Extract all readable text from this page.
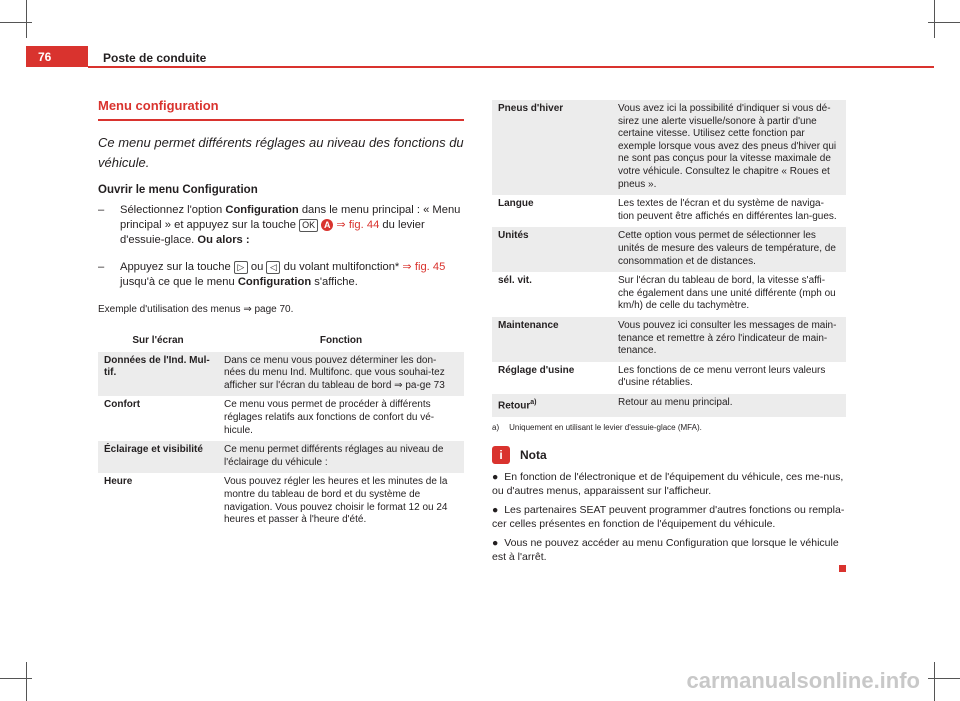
76	Poste de conduite

Menu configuration

Ce menu permet différents réglages au niveau des fonctions du véhicule.

Ouvrir le menu Configuration

– Sélectionnez l'option Configuration dans le menu principal : « Menu principal » et appuyez sur la touche OK A ⇒ fig. 44 du levier d'essuie-glace. Ou alors :
– Appuyez sur la touche ▷ ou ◁ du volant multifonction* ⇒ fig. 45 jusqu'à ce que le menu Configuration s'affiche.

Exemple d'utilisation des menus ⇒ page 70.

Sur l'écran	Fonction
Données de l'Ind. Mul-tif.	Dans ce menu vous pouvez déterminer les don-nées du menu Ind. Multifonc. que vous souhai-tez afficher sur l'écran du tableau de bord ⇒ pa-ge 73
Confort	Ce menu vous permet de procéder à différents réglages relatifs aux fonctions de confort du vé-hicule.
Éclairage et visibilité	Ce menu permet différents réglages au niveau de l'éclairage du véhicule :
Heure	Vous pouvez régler les heures et les minutes de la montre du tableau de bord et du système de navigation. Vous pouvez choisir le format 12 ou 24 heures et passer à l'heure d'été.
Pneus d'hiver	Vous avez ici la possibilité d'indiquer si vous dé-sirez une alerte visuelle/sonore à partir d'une certaine vitesse. Utilisez cette fonction par exemple lorsque vous avez des pneus d'hiver qui ne sont pas conçus pour la vitesse maximale de votre véhicule. Consultez le chapitre « Roues et pneus ».
Langue	Les textes de l'écran et du système de naviga-tion peuvent être affichés en différentes lan-gues.
Unités	Cette option vous permet de sélectionner les unités de mesure des valeurs de température, de consommation et de distances.
sél. vit.	Sur l'écran du tableau de bord, la vitesse s'affi-che également dans une unité différente (mph ou km/h) de celle du tachymètre.
Maintenance	Vous pouvez ici consulter les messages de main-tenance et remettre à zéro l'indicateur de main-tenance.
Réglage d'usine	Les fonctions de ce menu verront leurs valeurs d'usine rétablies.
Retour$^{a)}$	Retour au menu principal.
a) Uniquement en utilisant le levier d'essuie-glace (MFA).
i	Nota

● En fonction de l'électronique et de l'équipement du véhicule, ces me-nus, ou d'autres menus, apparaissent sur l'afficheur.

● Les partenaires SEAT peuvent programmer d'autres fonctions ou rempla-cer celles présentes en fonction de l'équipement du véhicule.

● Vous ne pouvez accéder au menu Configuration que lorsque le véhicule est à l'arrêt.

carmanualsonline.info
